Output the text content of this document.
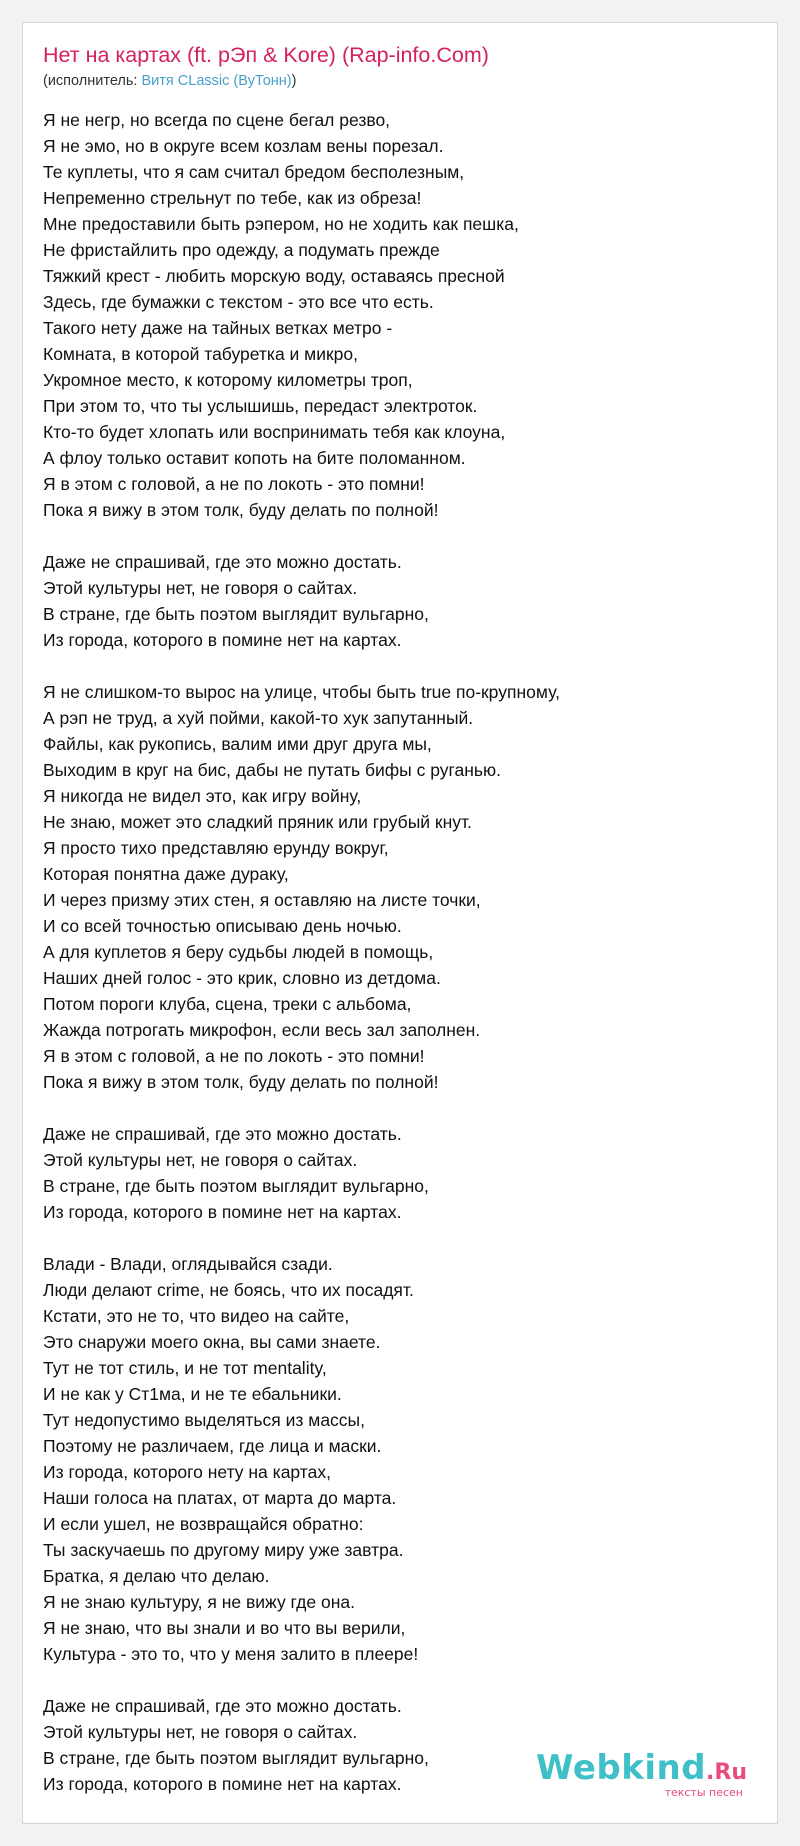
Нет на картах (ft. рЭп & Kore) (Rap-info.Com)
(исполнитель: Витя CLassic (ВуТонн))
Я не негр, но всегда по сцене бегал резво,
Я не эмо, но в округе всем козлам вены порезал.
Те куплеты, что я сам считал бредом бесполезным,
Непременно стрельнут по тебе, как из обреза!
Мне предоставили быть рэпером, но не ходить как пешка,
Не фристайлить про одежду, а подумать прежде
Тяжкий крест - любить морскую воду, оставаясь пресной
Здесь, где бумажки с текстом - это все что есть.
Такого нету даже на тайных ветках метро -
Комната, в которой табуретка и микро,
Укромное место, к которому километры троп,
При этом то, что ты услышишь, передаст электроток.
Кто-то будет хлопать или воспринимать тебя как клоуна,
А флоу только оставит копоть на бите поломанном.
Я в этом с головой, а не по локоть - это помни!
Пока я вижу в этом толк, буду делать по полной!
Даже не спрашивай, где это можно достать.
Этой культуры нет, не говоря о сайтах.
В стране, где быть поэтом выглядит вульгарно,
Из города, которого в помине нет на картах.
Я не слишком-то вырос на улице, чтобы быть true по-крупному,
А рэп не труд, а хуй пойми, какой-то хук запутанный.
Файлы, как рукопись, валим ими друг друга мы,
Выходим в круг на бис, дабы не путать бифы с руганью.
Я никогда не видел это, как игру войну,
Не знаю, может это сладкий пряник или грубый кнут.
Я просто тихо представляю ерунду вокруг,
Которая понятна даже дураку,
И через призму этих стен, я оставляю на листе точки,
И со всей точностью описываю день ночью.
А для куплетов я беру судьбы людей в помощь,
Наших дней голос - это крик, словно из детдома.
Потом пороги клуба, сцена, треки с альбома,
Жажда потрогать микрофон, если весь зал заполнен.
Я в этом с головой, а не по локоть - это помни!
Пока я вижу в этом толк, буду делать по полной!
Даже не спрашивай, где это можно достать.
Этой культуры нет, не говоря о сайтах.
В стране, где быть поэтом выглядит вульгарно,
Из города, которого в помине нет на картах.
Влади - Влади, оглядывайся сзади.
Люди делают crime, не боясь, что их посадят.
Кстати, это не то, что видео на сайте,
Это снаружи моего окна, вы сами знаете.
Тут не тот стиль, и не тот mentality,
И не как у Ст1ма, и не те ебальники.
Тут недопустимо выделяться из массы,
Поэтому не различаем, где лица и маски.
Из города, которого нету на картах,
Наши голоса на платах, от марта до марта.
И если ушел, не возвращайся обратно:
Ты заскучаешь по другому миру уже завтра.
Братка, я делаю что делаю.
Я не знаю культуру, я не вижу где она.
Я не знаю, что вы знали и во что вы верили,
Культура - это то, что у меня залито в плеере!
Даже не спрашивай, где это можно достать.
Этой культуры нет, не говоря о сайтах.
В стране, где быть поэтом выглядит вульгарно,
Из города, которого в помине нет на картах.	Webkind.Ru
тексты песен
